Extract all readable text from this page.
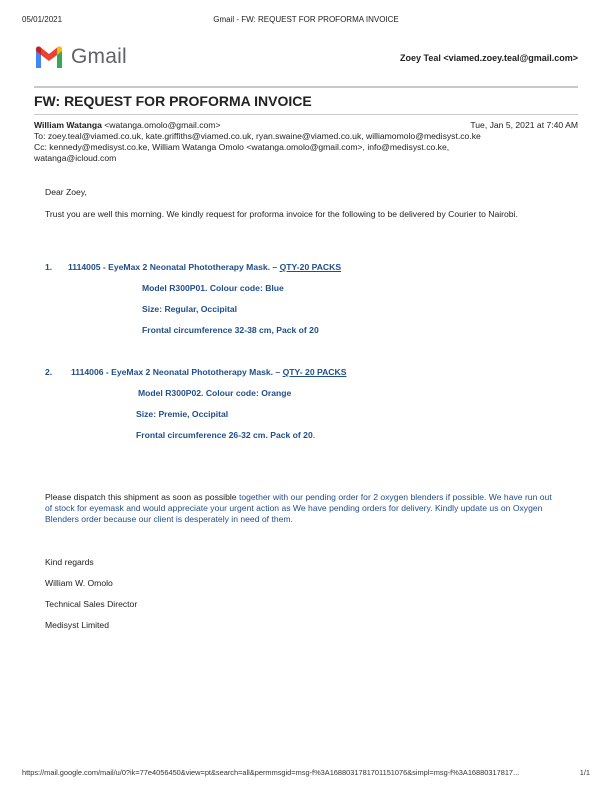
05/01/2021	Gmail - FW: REQUEST FOR PROFORMA INVOICE
Gmail	Zoey Teal <viamed.zoey.teal@gmail.com>
FW: REQUEST FOR PROFORMA INVOICE
William Watanga <watanga.omolo@gmail.com>	Tue, Jan 5, 2021 at 7:40 AM
To: zoey.teal@viamed.co.uk, kate.griffiths@viamed.co.uk, ryan.swaine@viamed.co.uk, williamomolo@medisyst.co.ke
Cc: kennedy@medisyst.co.ke, William Watanga Omolo <watanga.omolo@gmail.com>, info@medisyst.co.ke,
watanga@icloud.com
Dear Zoey,
Trust you are well this morning. We kindly request for proforma invoice for the following to be delivered by Courier to Nairobi.
1. 1114005 - EyeMax 2 Neonatal Phototherapy Mask. – QTY-20 PACKS
Model R300P01. Colour code: Blue
Size: Regular, Occipital
Frontal circumference 32-38 cm, Pack of 20
2. 1114006 - EyeMax 2 Neonatal Phototherapy Mask. – QTY- 20 PACKS
Model R300P02. Colour code: Orange
Size: Premie, Occipital
Frontal circumference 26-32 cm. Pack of 20.
Please dispatch this shipment as soon as possible together with our pending order for 2 oxygen blenders if possible. We have run out of stock for eyemask and would appreciate your urgent action as We have pending orders for delivery. Kindly update us on Oxygen Blenders order because our client is desperately in need of them.
Kind regards
William W. Omolo
Technical Sales Director
Medisyst Limited
https://mail.google.com/mail/u/0?ik=77e4056450&view=pt&search=all&permmsgid=msg-f%3A1688031781701151076&simpl=msg-f%3A16880317817...	1/1
